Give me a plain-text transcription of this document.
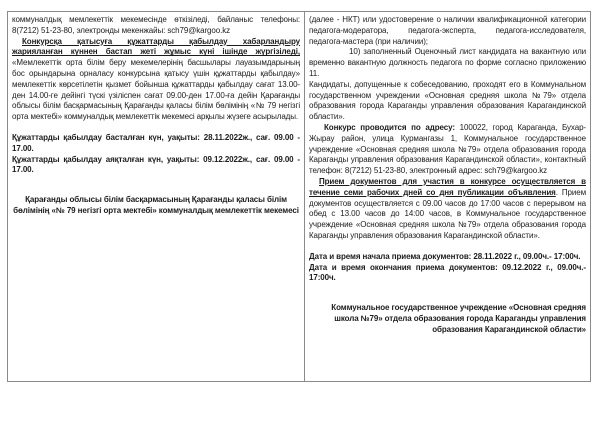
коммуналдық мемлекеттік мекемесінде өткізіледі, байланыс телефоны: 8(7212) 51-23-80, электронды мекенжайы: sch79@kargoo.kz

Конкурсқа қатысуға құжаттарды қабылдау хабарландыру жарияланған күннен бастап жеті жұмыс күні ішінде жүргізіледі, «Мемлекеттік орта білім беру мекемелерінің басшылары лауазымдарының бос орындарына орналасу конкурсына қатысу үшін құжаттарды қабылдау» мемлекеттік көрсетілетін қызмет бойынша құжаттарды қабылдау сағат 13.00-ден 14.00-ге дейінгі түскі үзіліспен сағат 09.00-ден 17.00-ға дейін Қарағанды облысы білім басқармасының Қарағанды қаласы білім бөлімінің «№ 79 негізгі орта мектебі» коммуналдық мемлекеттік мекемесі арқылы жүзеге асырылады.

Құжаттарды қабылдау басталған күн, уақыты: 28.11.2022ж., сағ. 09.00 - 17.00.

Құжаттарды қабылдау аяқталған күн, уақыты: 09.12.2022ж., сағ. 09.00 - 17.00.

Қарағанды облысы білім басқармасының Қарағанды қаласы білім бөлімінің «№ 79 негізгі орта мектебі» коммуналдық мемлекеттік мекемесі

(далее - НКТ) или удостоверение о наличии квалификационной категории педагога-модератора, педагога-эксперта, педагога-исследователя, педагога-мастера (при наличии);

10) заполненный Оценочный лист кандидата на вакантную или временно вакантную должность педагога по форме согласно приложению 11.

Кандидаты, допущенные к собеседованию, проходят его в Коммунальном государственном учреждении «Основная средняя школа №79» отдела образования города Караганды управления образования Карагандинской области».

Конкурс проводится по адресу: 100022, город Караганда, Бухар-Жырау район, улица Курмангазы 1, Коммунальное государственное учреждение «Основная средняя школа №79» отдела образования города Караганды управления образования Карагандинской области», контактный телефон: 8(7212) 51-23-80, электронный адрес: sch79@kargoo.kz

Прием документов для участия в конкурсе осуществляется в течение семи рабочих дней со дня публикации объявления. Прием документов осуществляется с 09.00 часов до 17:00 часов с перерывом на обед с 13.00 часов до 14:00 часов, в Коммунальное государственное учреждение «Основная средняя школа №79» отдела образования города Караганды управления образования Карагандинской области».

Дата и время начала приема документов: 28.11.2022 г., 09.00ч.- 17:00ч.

Дата и время окончания приема документов: 09.12.2022 г., 09.00ч.- 17:00ч.

Коммунальное государственное учреждение «Основная средняя школа №79» отдела образования города Караганды управления образования Карагандинской области»
